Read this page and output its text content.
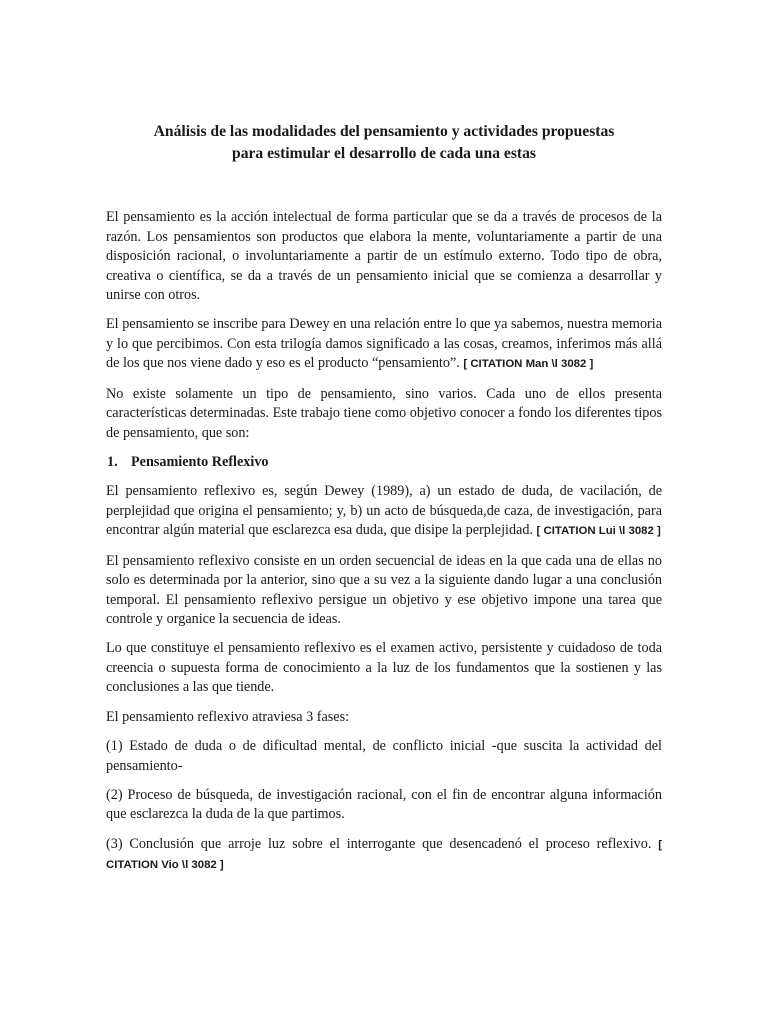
Análisis de las modalidades del pensamiento y actividades propuestas
para estimular el desarrollo de cada una estas

El pensamiento es la acción intelectual de forma particular que se da a través de procesos de la razón. Los pensamientos son productos que elabora la mente, voluntariamente a partir de una disposición racional, o involuntariamente a partir de un estímulo externo. Todo tipo de obra, creativa o científica, se da a través de un pensamiento inicial que se comienza a desarrollar y unirse con otros.

El pensamiento se inscribe para Dewey en una relación entre lo que ya sabemos, nuestra memoria y lo que percibimos. Con esta trilogía damos significado a las cosas, creamos, inferimos más allá de los que nos viene dado y eso es el producto “pensamiento”. [ CITATION Man \l 3082 ]

No existe solamente un tipo de pensamiento, sino varios. Cada uno de ellos presenta características determinadas. Este trabajo tiene como objetivo conocer a fondo los diferentes tipos de pensamiento, que son:

1. Pensamiento Reflexivo

El pensamiento reflexivo es, según Dewey (1989), a) un estado de duda, de vacilación, de perplejidad que origina el pensamiento; y, b) un acto de búsqueda,de caza, de investigación, para encontrar algún material que esclarezca esa duda, que disipe la perplejidad. [ CITATION Lui \l 3082 ]

El pensamiento reflexivo consiste en un orden secuencial de ideas en la que cada una de ellas no solo es determinada por la anterior, sino que a su vez a la siguiente dando lugar a una conclusión temporal. El pensamiento reflexivo persigue un objetivo y ese objetivo impone una tarea que controle y organice la secuencia de ideas.

Lo que constituye el pensamiento reflexivo es el examen activo, persistente y cuidadoso de toda creencia o supuesta forma de conocimiento a la luz de los fundamentos que la sostienen y las conclusiones a las que tiende.

El pensamiento reflexivo atraviesa 3 fases:

(1) Estado de duda o de dificultad mental, de conflicto inicial -que suscita la actividad del pensamiento-

(2) Proceso de búsqueda, de investigación racional, con el fin de encontrar alguna información que esclarezca la duda de la que partimos.

(3) Conclusión que arroje luz sobre el interrogante que desencadenó el proceso reflexivo. [ CITATION Vio \l 3082 ]
